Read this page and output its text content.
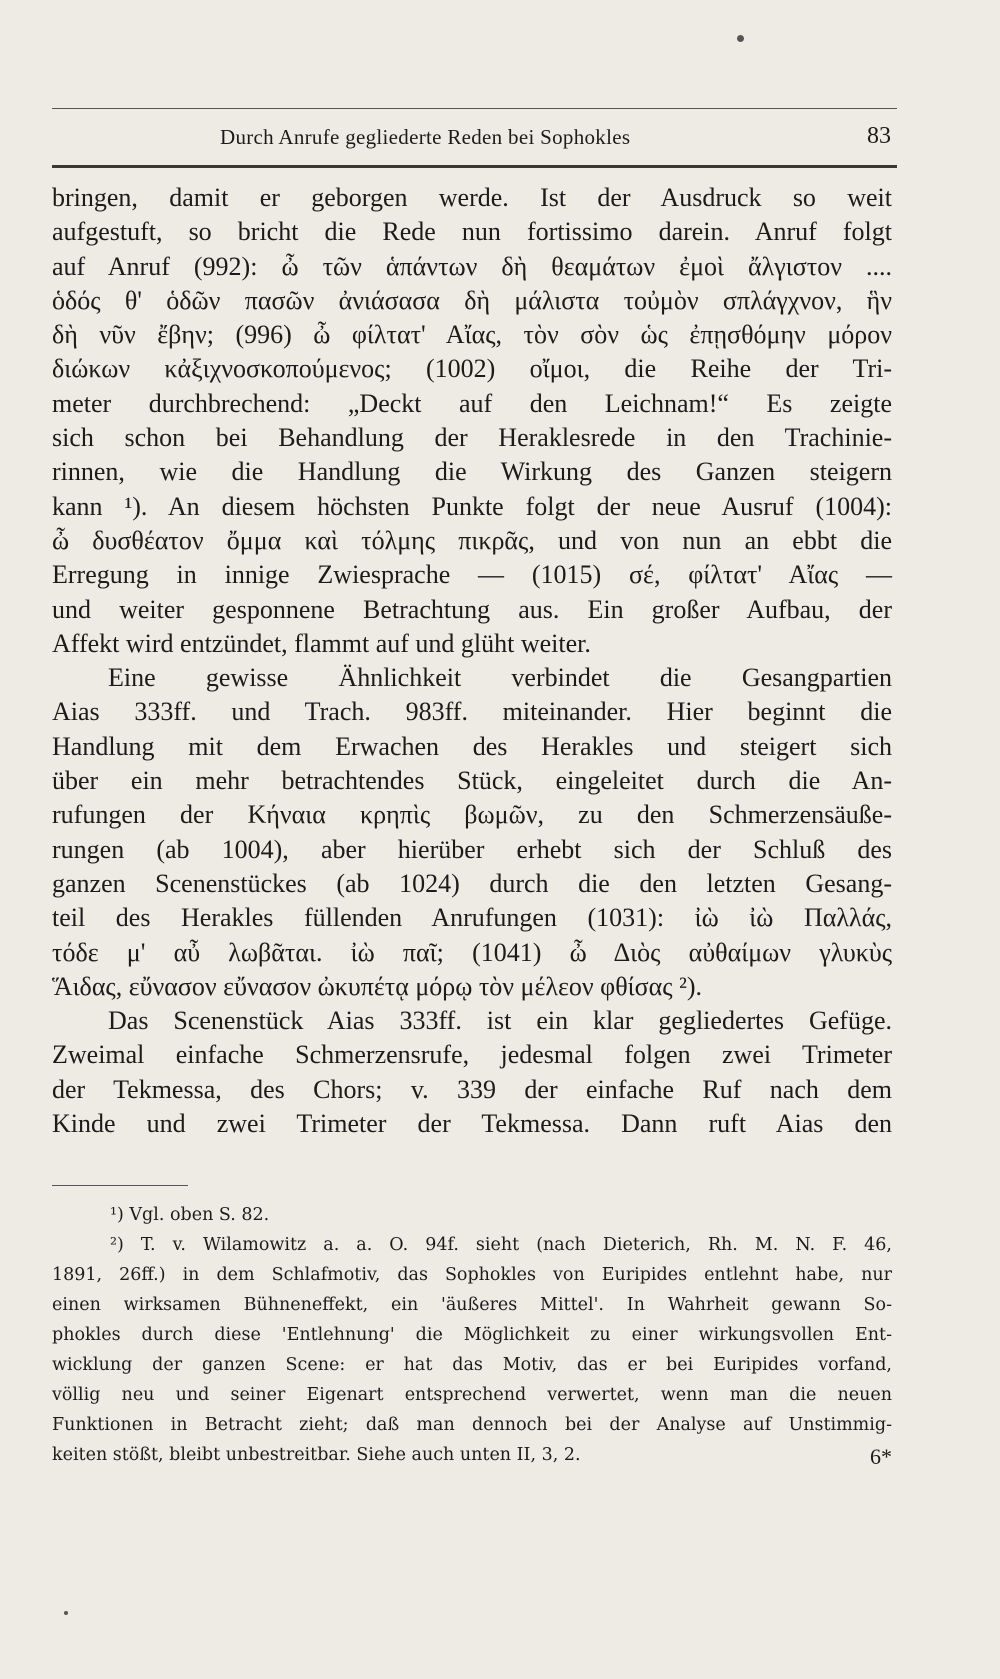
Durch Anrufe gegliederte Reden bei Sophokles	83
bringen, damit er geborgen werde. Ist der Ausdruck so weit
aufgestuft, so bricht die Rede nun fortissimo darein. Anruf folgt
auf Anruf (992): ὦ τῶν ἁπάντων δὴ θεαμάτων ἐμοὶ ἄλγιστον ....
ὁδός θ' ὁδῶν πασῶν ἀνιάσασα δὴ μάλιστα τοὐμὸν σπλάγχνον, ἣν
δὴ νῦν ἔβην; (996) ὦ φίλτατ' Αἴας, τὸν σὸν ὡς ἐπῃσθόμην μόρον
διώκων κἀξιχνοσκοπούμενος; (1002) οἴμοι, die Reihe der Tri-
meter durchbrechend: „Deckt auf den Leichnam!“ Es zeigte
sich schon bei Behandlung der Heraklesrede in den Trachinie-
rinnen, wie die Handlung die Wirkung des Ganzen steigern
kann ¹). An diesem höchsten Punkte folgt der neue Ausruf (1004):
ὦ δυσθέατον ὄμμα καὶ τόλμης πικρᾶς, und von nun an ebbt die
Erregung in innige Zwiesprache — (1015) σέ, φίλτατ' Αἴας —
und weiter gesponnene Betrachtung aus. Ein großer Aufbau, der
Affekt wird entzündet, flammt auf und glüht weiter.
Eine gewisse Ähnlichkeit verbindet die Gesangpartien
Aias 333ff. und Trach. 983ff. miteinander. Hier beginnt die
Handlung mit dem Erwachen des Herakles und steigert sich
über ein mehr betrachtendes Stück, eingeleitet durch die An-
rufungen der Κήναια κρηπὶς βωμῶν, zu den Schmerzensäuße-
rungen (ab 1004), aber hierüber erhebt sich der Schluß des
ganzen Scenenstückes (ab 1024) durch die den letzten Gesang-
teil des Herakles füllenden Anrufungen (1031): ἰὼ ἰὼ Παλλάς,
τόδε μ' αὖ λωβᾶται. ἰὼ παῖ; (1041) ὦ Διὸς αὐθαίμων γλυκὺς
Ἅιδας, εὔνασον εὔνασον ὠκυπέτᾳ μόρῳ τὸν μέλεον φθίσας ²).
Das Scenenstück Aias 333ff. ist ein klar gegliedertes Gefüge.
Zweimal einfache Schmerzensrufe, jedesmal folgen zwei Trimeter
der Tekmessa, des Chors; v. 339 der einfache Ruf nach dem
Kinde und zwei Trimeter der Tekmessa. Dann ruft Aias den
¹) Vgl. oben S. 82.
²) T. v. Wilamowitz a. a. O. 94f. sieht (nach Dieterich, Rh. M. N. F. 46,
1891, 26ff.) in dem Schlafmotiv, das Sophokles von Euripides entlehnt habe, nur
einen wirksamen Bühneneffekt, ein 'äußeres Mittel'. In Wahrheit gewann So-
phokles durch diese 'Entlehnung' die Möglichkeit zu einer wirkungsvollen Ent-
wicklung der ganzen Scene: er hat das Motiv, das er bei Euripides vorfand,
völlig neu und seiner Eigenart entsprechend verwertet, wenn man die neuen
Funktionen in Betracht zieht; daß man dennoch bei der Analyse auf Unstimmig-
keiten stößt, bleibt unbestreitbar. Siehe auch unten II, 3, 2.	6*
